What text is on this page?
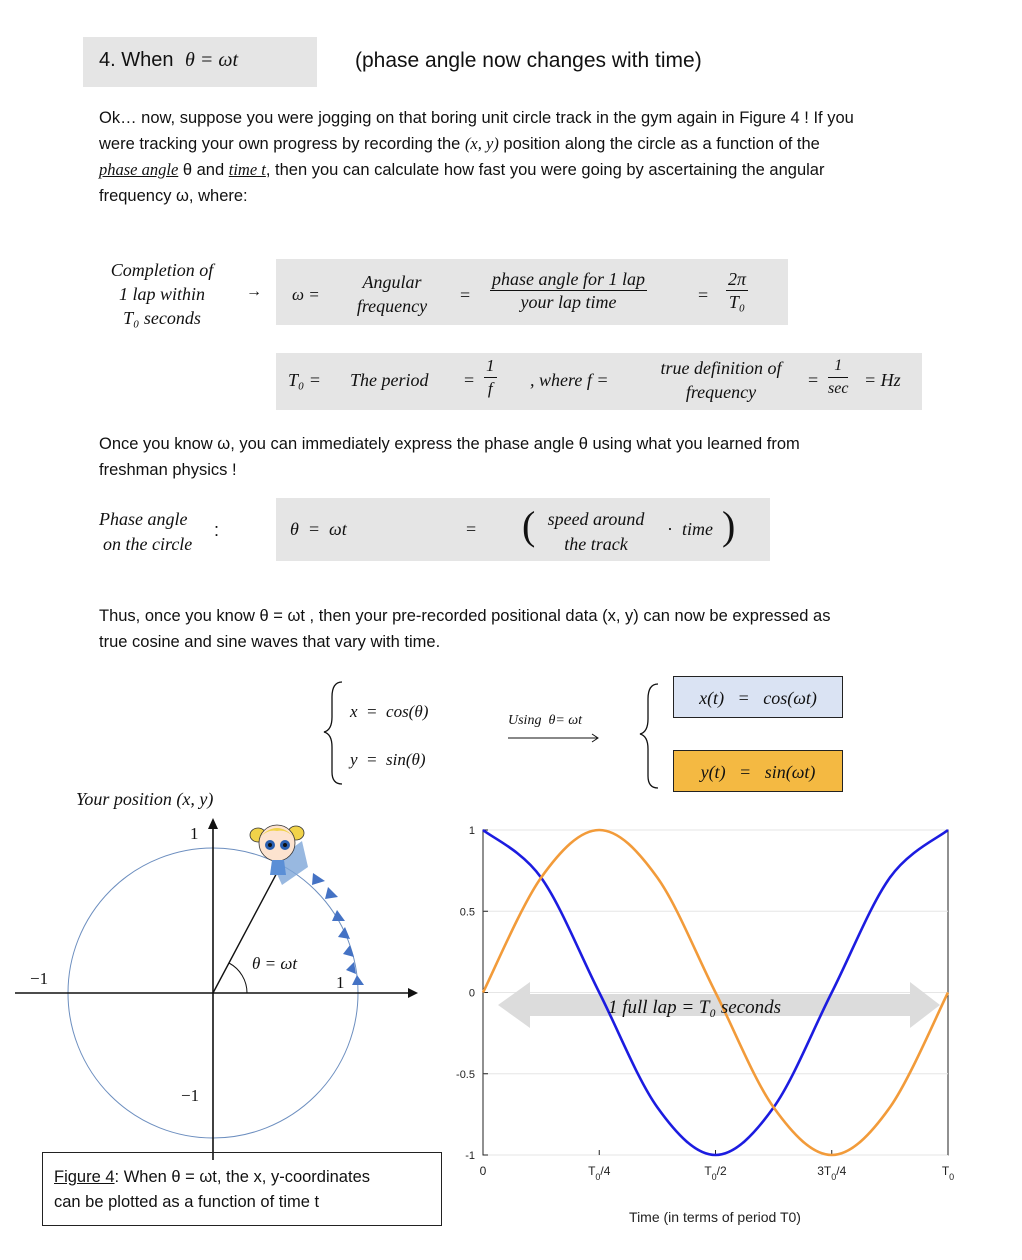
4. When θ = ωt	(phase angle now changes with time)
Ok… now, suppose you were jogging on that boring unit circle track in the gym again in Figure 4 ! If you
were tracking your own progress by recording the (x, y) position along the circle as a function of the
phase angle θ and time t, then you can calculate how fast you were going by ascertaining the angular
frequency ω, where:
Completion of
1 lap within
T₀ seconds
→ ω =
Angular
frequency
=
phase angle for 1 lap
your lap time	= $\frac{2\pi}{\text{T₀}}$
T₀ = The period = $\frac{1}{f}$ , where f =
true definition of
frequency
=
1
sec = Hz
Once you know ω, you can immediately express the phase angle θ using what you learned from
freshman physics !
Phase angle
on the circle
:	θ  =  ωt	= ( speed around
the track
· time )
Thus, once you know θ = ωt , then your pre-recorded positional data (x, y) can now be expressed as
true cosine and sine waves that vary with time.
x  =  cos(θ)
y  =  sin(θ)
Using  θ= ωt
x(t)   =   cos(ωt)
y(t)   =   sin(ωt)
Your position (x, y)
1
−1	1
−1
θ = ωt
Figure 4: When θ = ωt, the x, y-coordinates
can be plotted as a function of time t
0	$T_0/4$	$T_0/2$	$3T_0/4$	$T_0$
1
0.5
0
-0.5
-1
1 full lap = T₀ seconds
Time (in terms of period T0)
